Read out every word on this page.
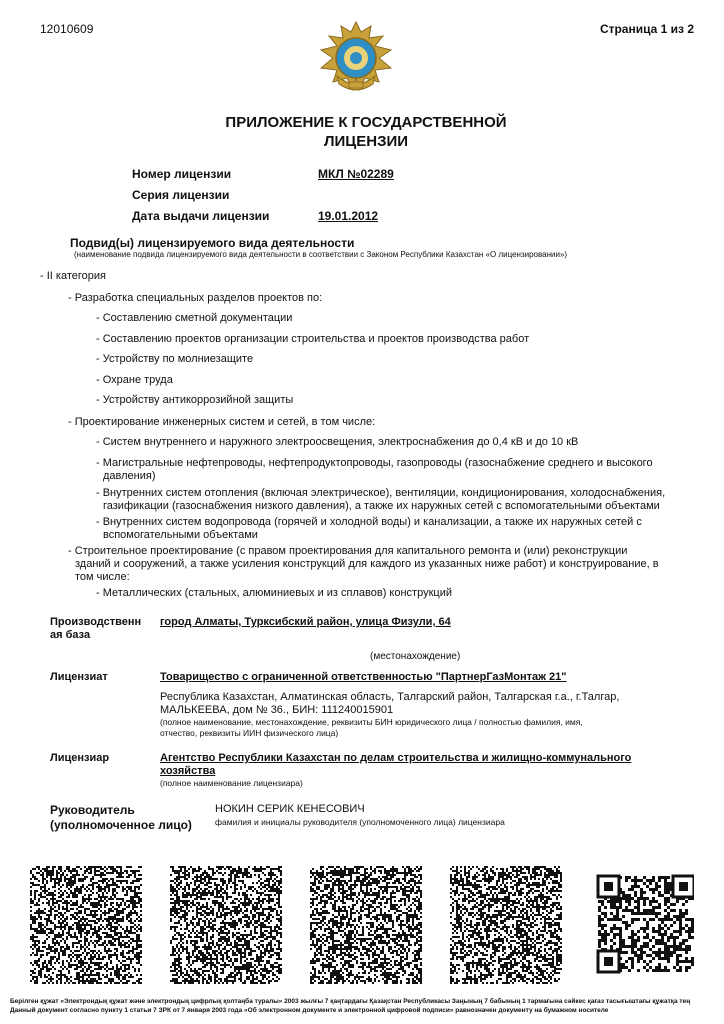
12010609	Страница 1 из 2
ПРИЛОЖЕНИЕ К ГОСУДАРСТВЕННОЙ
ЛИЦЕНЗИИ
Номер лицензии	МКЛ №02289
Серия лицензии
Дата выдачи лицензии	19.01.2012
Подвид(ы) лицензируемого вида деятельности
(наименование подвида лицензируемого вида деятельности в соответствии с Законом Республики Казахстан «О лицензировании»)
- II категория
- Разработка специальных разделов проектов по:
- Составлению сметной документации
- Составлению проектов организации строительства и проектов производства работ
- Устройству по молниезащите
- Охране труда
- Устройству антикоррозийной защиты
- Проектирование инженерных систем и сетей, в том числе:
- Систем внутреннего и наружного электроосвещения, электроснабжения до 0,4 кВ и до 10 кВ
- Магистральные нефтепроводы, нефтепродуктопроводы, газопроводы (газоснабжение среднего и высокого
давления)
- Внутренних систем отопления (включая электрическое), вентиляции, кондиционирования, холодоснабжения,
газификации (газоснабжения низкого давления), а также их наружных сетей с вспомогательными объектами
- Внутренних систем водопровода (горячей и холодной воды) и канализации, а также их наружных сетей с
вспомогательными объектами
- Строительное проектирование (с правом проектирования для капитального ремонта и (или) реконструкции
зданий и сооружений, а также усиления конструкций для каждого из указанных ниже работ) и конструирование, в
том числе:
- Металлических (стальных, алюминиевых и из сплавов) конструкций
Производственн
ая база
город Алматы, Турксибский район, улица Физули, 64
(местонахождение)
Лицензиат	Товарищество с ограниченной ответственностью "ПартнерГазМонтаж 21"
Республика Казахстан, Алматинская область, Талгарский район, Талгарская г.а., г.Талгар,
МАЛЬКЕЕВА, дом № 36., БИН: 111240015901
(полное наименование, местонахождение, реквизиты БИН юридического лица / полностью фамилия, имя,
отчество, реквизиты ИИН физического лица)
Лицензиар	Агентство Республики Казахстан по делам строительства и жилищно-коммунального
хозяйства
(полное наименование лицензиара)
Руководитель
(уполномоченное лицо)
НОКИН СЕРИК КЕНЕСОВИЧ
фамилия и инициалы руководителя (уполномоченного лица) лицензиара
Берілген құжат «Электрондық құжат және электрондық цифрлық қолтаңба туралы» 2003 жылғы 7 қаңтардағы Қазақстан Республикасы Заңының 7 бабының 1 тармағына сәйкес қағаз тасығыштағы құжатқа тең
Данный документ согласно пункту 1 статьи 7 ЗРК от 7 января 2003 года «Об электронном документе и электронной цифровой подписи» равнозначен документу на бумажном носителе
